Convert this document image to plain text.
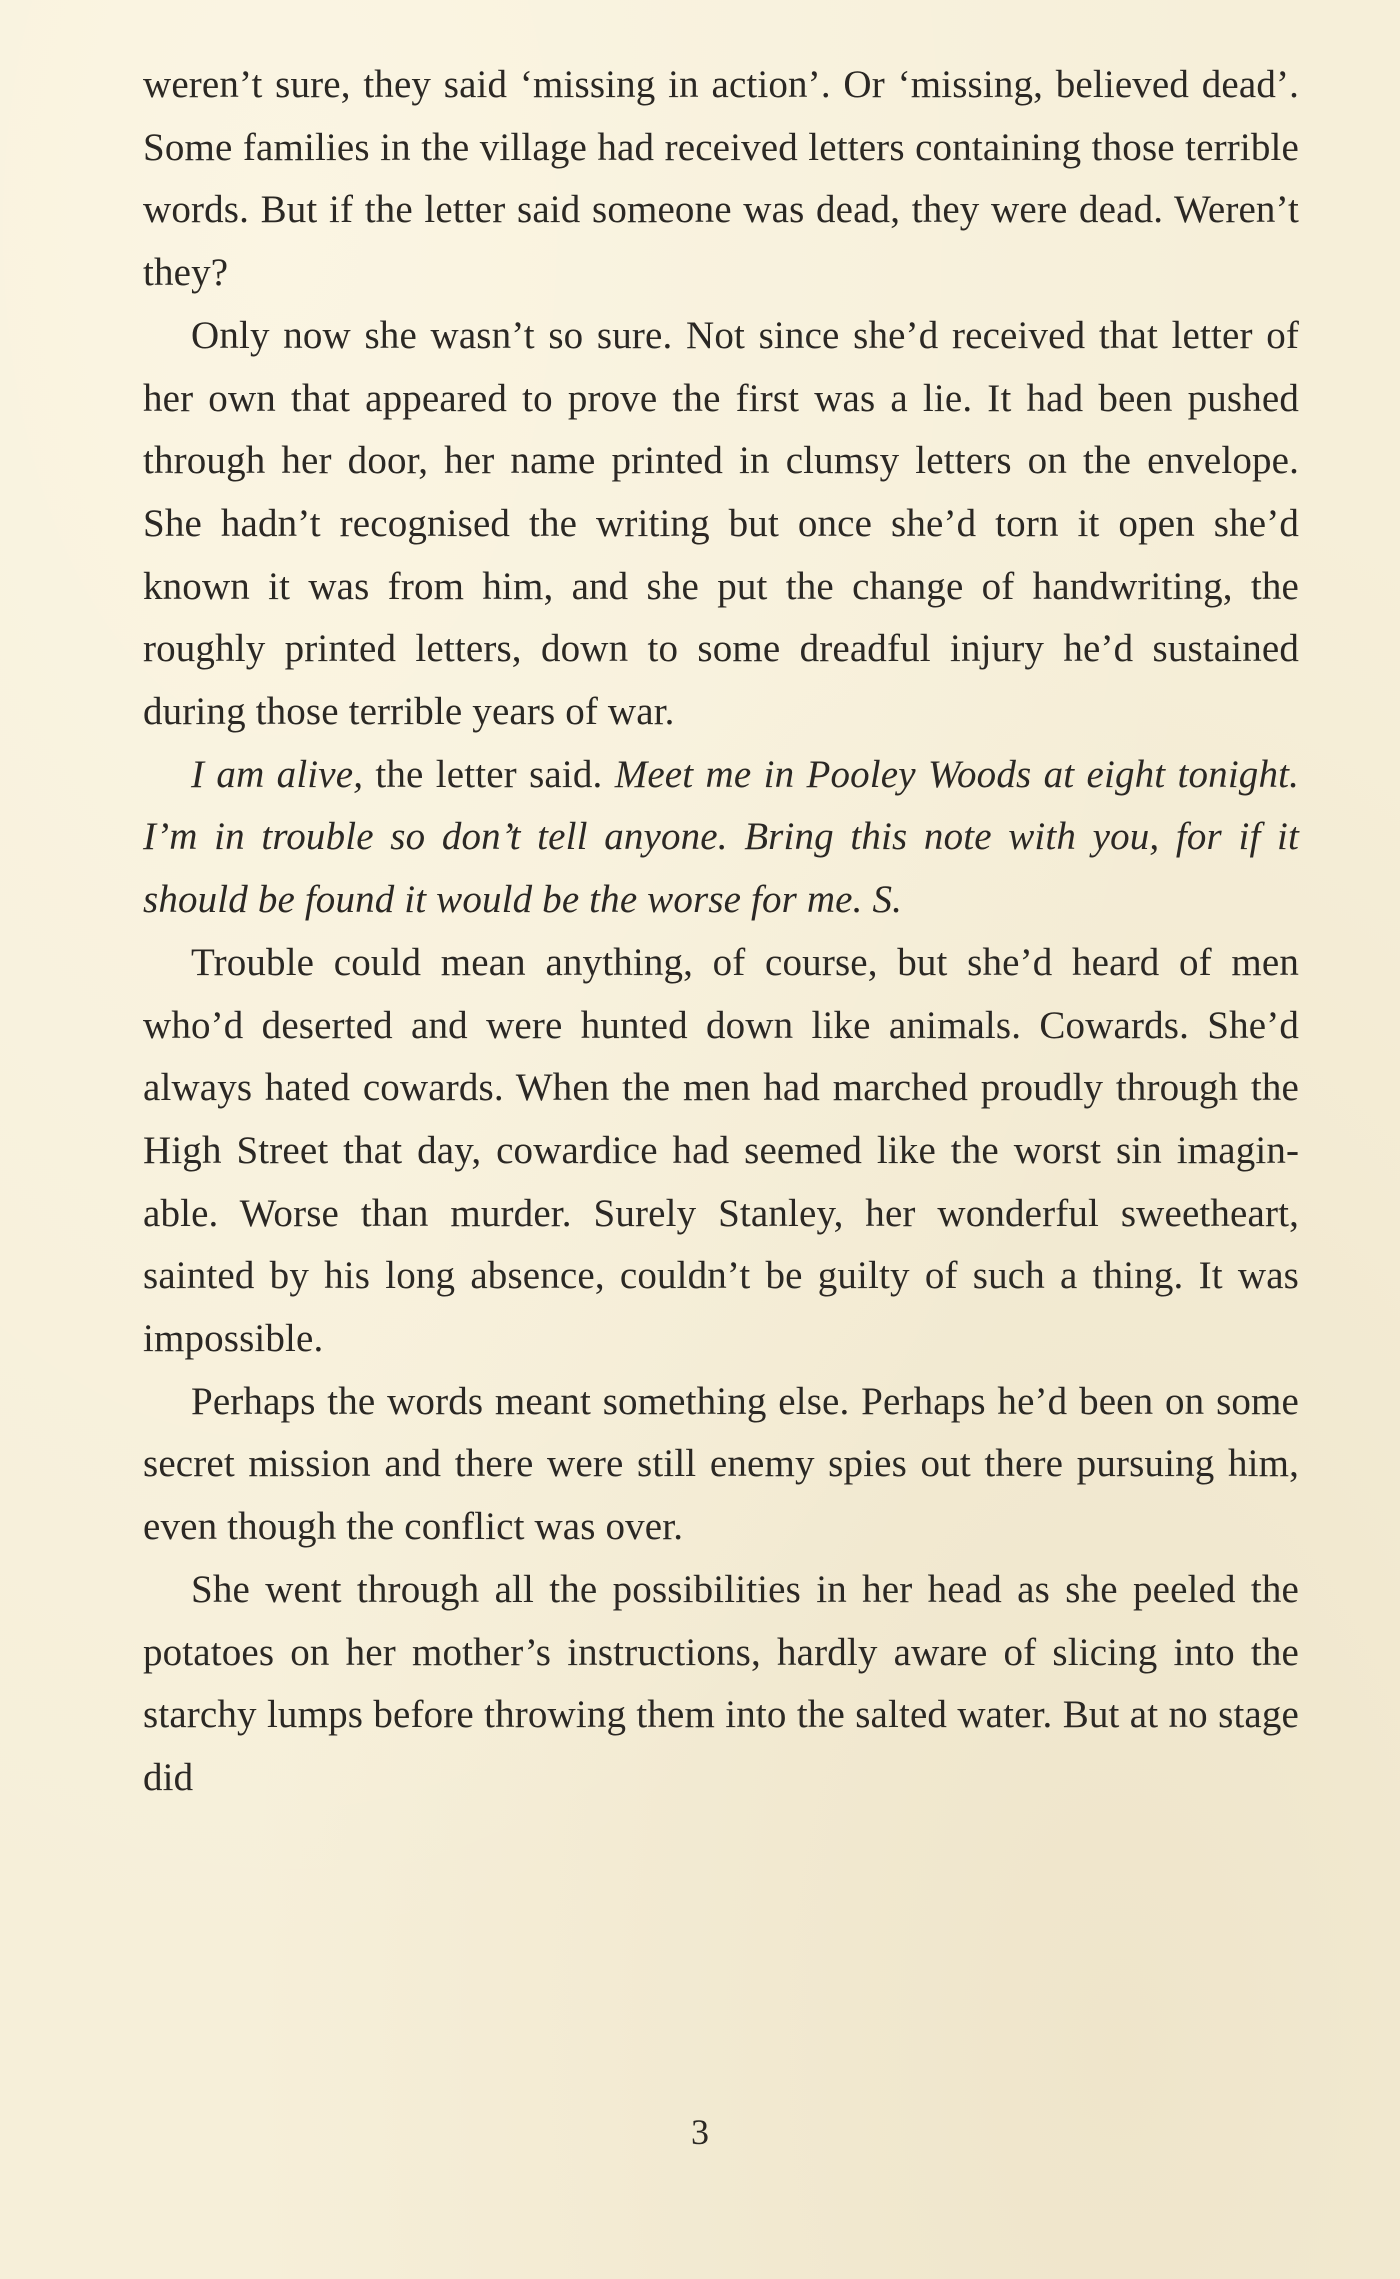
weren’t sure, they said ‘missing in action’. Or ‘missing, believed dead’. Some families in the village had received letters containing those terrible words. But if the letter said someone was dead, they were dead. Weren’t they?

Only now she wasn’t so sure. Not since she’d received that letter of her own that appeared to prove the first was a lie. It had been pushed through her door, her name printed in clumsy letters on the envelope. She hadn’t recognised the writing but once she’d torn it open she’d known it was from him, and she put the change of handwriting, the roughly printed letters, down to some dreadful injury he’d sustained during those terrible years of war.

I am alive, the letter said. Meet me in Pooley Woods at eight tonight. I’m in trouble so don’t tell anyone. Bring this note with you, for if it should be found it would be the worse for me. S.

Trouble could mean anything, of course, but she’d heard of men who’d deserted and were hunted down like animals. Cowards. She’d always hated cowards. When the men had marched proudly through the High Street that day, cowardice had seemed like the worst sin imaginable. Worse than murder. Surely Stanley, her wonderful sweetheart, sainted by his long absence, couldn’t be guilty of such a thing. It was impossible.

Perhaps the words meant something else. Perhaps he’d been on some secret mission and there were still enemy spies out there pursuing him, even though the conflict was over.

She went through all the possibilities in her head as she peeled the potatoes on her mother’s instructions, hardly aware of slicing into the starchy lumps before throwing them into the salted water. But at no stage did

3
